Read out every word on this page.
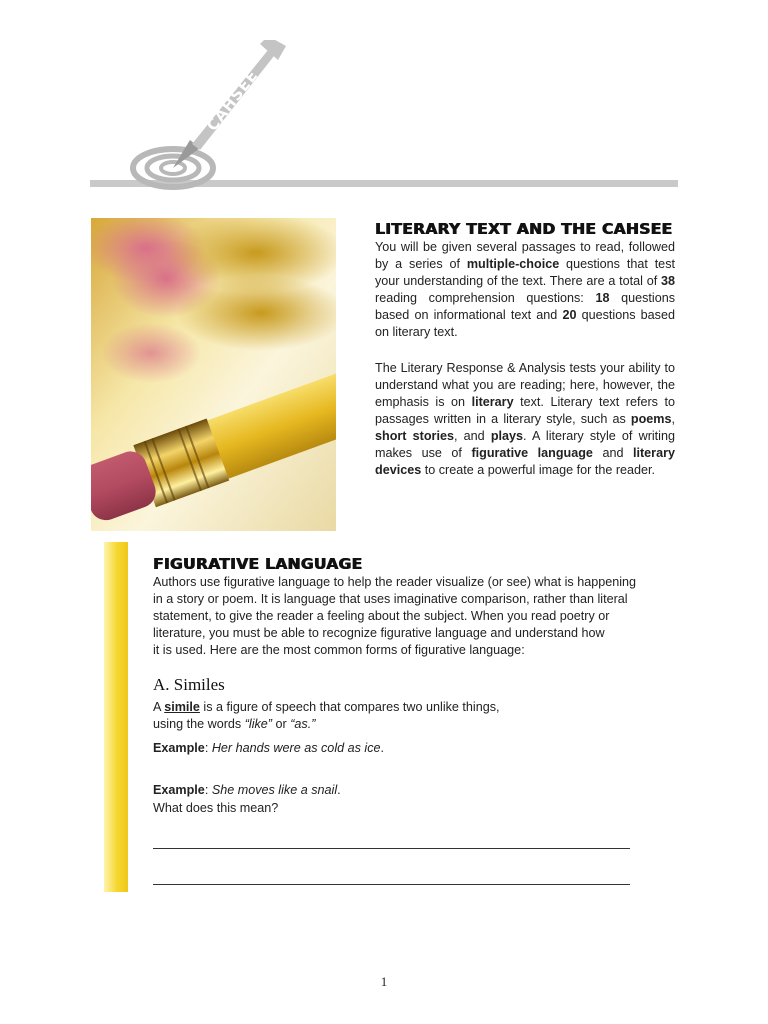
CAHSEE
LITERARY TEXT AND THE CAHSEE
You will be given several passages to read, followed by a series of multiple-choice questions that test your understanding of the text. There are a total of 38 reading comprehension questions: 18 questions based on informational text and 20 questions based on literary text.
The Literary Response & Analysis tests your ability to understand what you are reading; here, however, the emphasis is on literary text. Literary text refers to passages written in a literary style, such as poems, short stories, and plays. A literary style of writing makes use of figurative language and literary devices to create a powerful image for the reader.
FIGURATIVE LANGUAGE
Authors use figurative language to help the reader visualize (or see) what is happening
in a story or poem. It is language that uses imaginative comparison, rather than literal
statement, to give the reader a feeling about the subject. When you read poetry or
literature, you must be able to recognize figurative language and understand how
it is used. Here are the most common forms of figurative language:
A. Similes
A simile is a figure of speech that compares two unlike things,
using the words “like” or “as.”
Example: Her hands were as cold as ice.
Example: She moves like a snail.
What does this mean?
1
